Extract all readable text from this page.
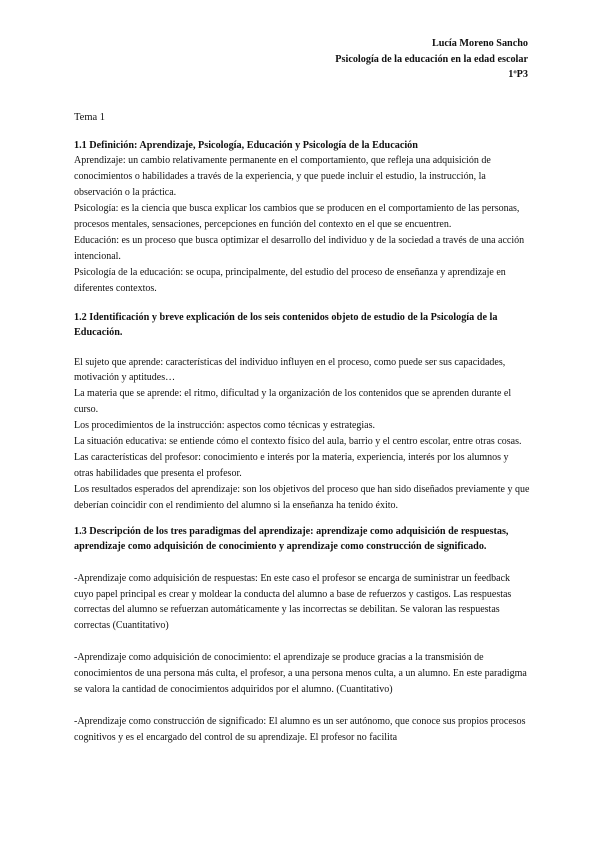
Lucía Moreno Sancho
Psicología de la educación en la edad escolar
1ºP3
Tema 1
1.1 Definición: Aprendizaje, Psicología, Educación y Psicología de la Educación

Aprendizaje: un cambio relativamente permanente en el comportamiento, que refleja una adquisición de conocimientos o habilidades a través de la experiencia, y que puede incluir el estudio, la instrucción, la observación o la práctica.

Psicología: es la ciencia que busca explicar los cambios que se producen en el comportamiento de las personas, procesos mentales, sensaciones, percepciones en función del contexto en el que se encuentren.

Educación: es un proceso que busca optimizar el desarrollo del individuo y de la sociedad a través de una acción intencional.

Psicología de la educación: se ocupa, principalmente, del estudio del proceso de enseñanza y aprendizaje en diferentes contextos.

1.2 Identificación y breve explicación de los seis contenidos objeto de estudio de la Psicología de la Educación.

El sujeto que aprende: características del individuo influyen en el proceso, como puede ser sus capacidades, motivación y aptitudes…

La materia que se aprende: el ritmo, dificultad y la organización de los contenidos que se aprenden durante el curso.

Los procedimientos de la instrucción: aspectos como técnicas y estrategias.

La situación educativa: se entiende cómo el contexto físico del aula, barrio y el centro escolar, entre otras cosas.

Las características del profesor: conocimiento e interés por la materia, experiencia, interés por los alumnos y otras habilidades que presenta el profesor.

Los resultados esperados del aprendizaje: son los objetivos del proceso que han sido diseñados previamente y que deberían coincidir con el rendimiento del alumno si la enseñanza ha tenido éxito.

1.3 Descripción de los tres paradigmas del aprendizaje: aprendizaje como adquisición de respuestas, aprendizaje como adquisición de conocimiento y aprendizaje como construcción de significado.

-Aprendizaje como adquisición de respuestas: En este caso el profesor se encarga de suministrar un feedback cuyo papel principal es crear y moldear la conducta del alumno a base de refuerzos y castigos. Las respuestas correctas del alumno se refuerzan automáticamente y las incorrectas se debilitan. Se valoran las respuestas correctas (Cuantitativo)

-Aprendizaje como adquisición de conocimiento: el aprendizaje se produce gracias a la transmisión de conocimientos de una persona más culta, el profesor, a una persona menos culta, a un alumno. En este paradigma se valora la cantidad de conocimientos adquiridos por el alumno. (Cuantitativo)

-Aprendizaje como construcción de significado: El alumno es un ser autónomo, que conoce sus propios procesos cognitivos y es el encargado del control de su aprendizaje. El profesor no facilita
